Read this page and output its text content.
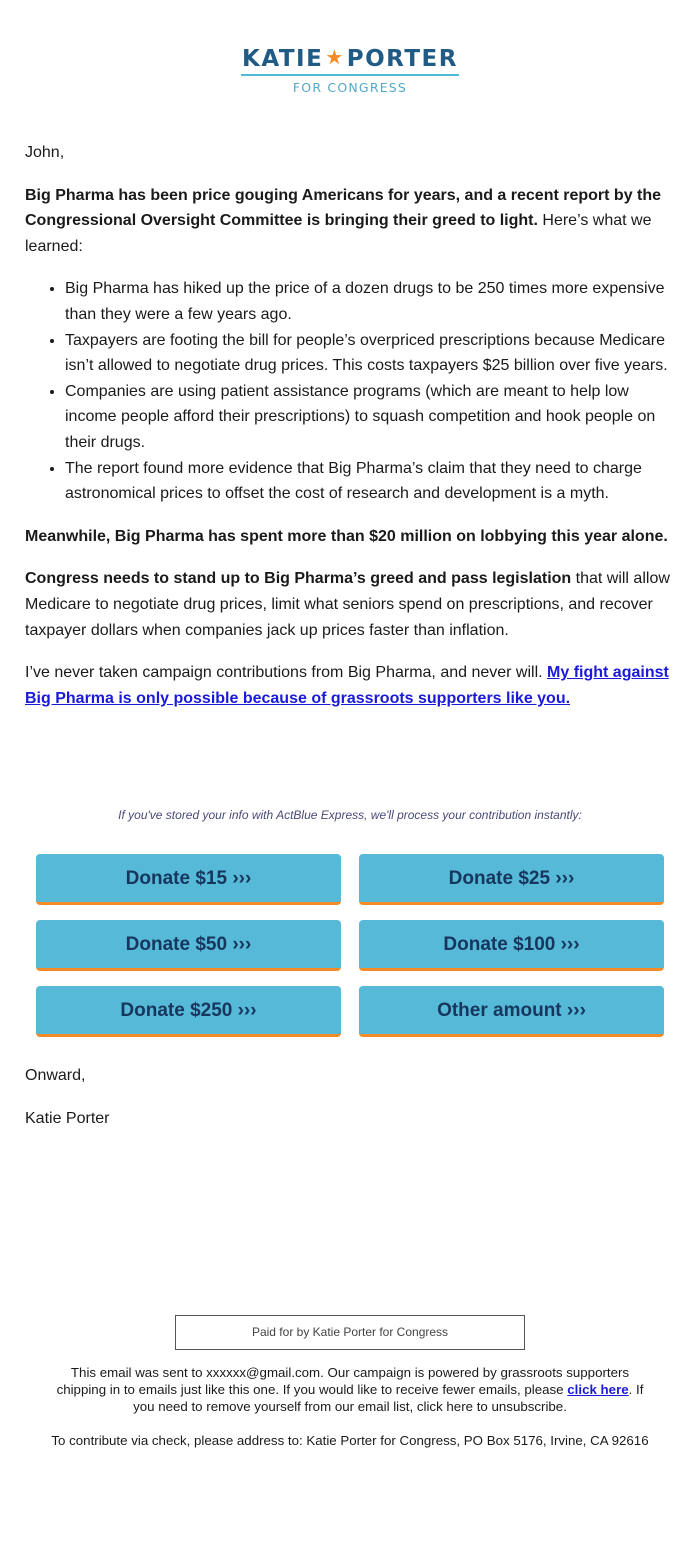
KATIE ★PORTER
FOR CONGRESS

John,

Big Pharma has been price gouging Americans for years, and a recent report by the Congressional Oversight Committee is bringing their greed to light. Here’s what we learned:

• Big Pharma has hiked up the price of a dozen drugs to be 250 times more expensive than they were a few years ago.
• Taxpayers are footing the bill for people’s overpriced prescriptions because Medicare isn’t allowed to negotiate drug prices. This costs taxpayers $25 billion over five years.
• Companies are using patient assistance programs (which are meant to help low income people afford their prescriptions) to squash competition and hook people on their drugs.
• The report found more evidence that Big Pharma’s claim that they need to charge astronomical prices to offset the cost of research and development is a myth.

Meanwhile, Big Pharma has spent more than $20 million on lobbying this year alone.

Congress needs to stand up to Big Pharma’s greed and pass legislation that will allow Medicare to negotiate drug prices, limit what seniors spend on prescriptions, and recover taxpayer dollars when companies jack up prices faster than inflation.

I’ve never taken campaign contributions from Big Pharma, and never will. My fight against Big Pharma is only possible because of grassroots supporters like you.

If you've stored your info with ActBlue Express, we'll process your contribution instantly:
Donate $15 ›››	Donate $25 ›››
Donate $50 ›››	Donate $100 ›››
Donate $250 ›››	Other amount ›››
Onward,
Katie Porter
Paid for by Katie Porter for Congress
This email was sent to xxxxxx@gmail.com. Our campaign is powered by grassroots supporters chipping in to emails just like this one. If you would like to receive fewer emails, please click here. If you need to remove yourself from our email list, click here to unsubscribe.
To contribute via check, please address to: Katie Porter for Congress, PO Box 5176, Irvine, CA 92616
